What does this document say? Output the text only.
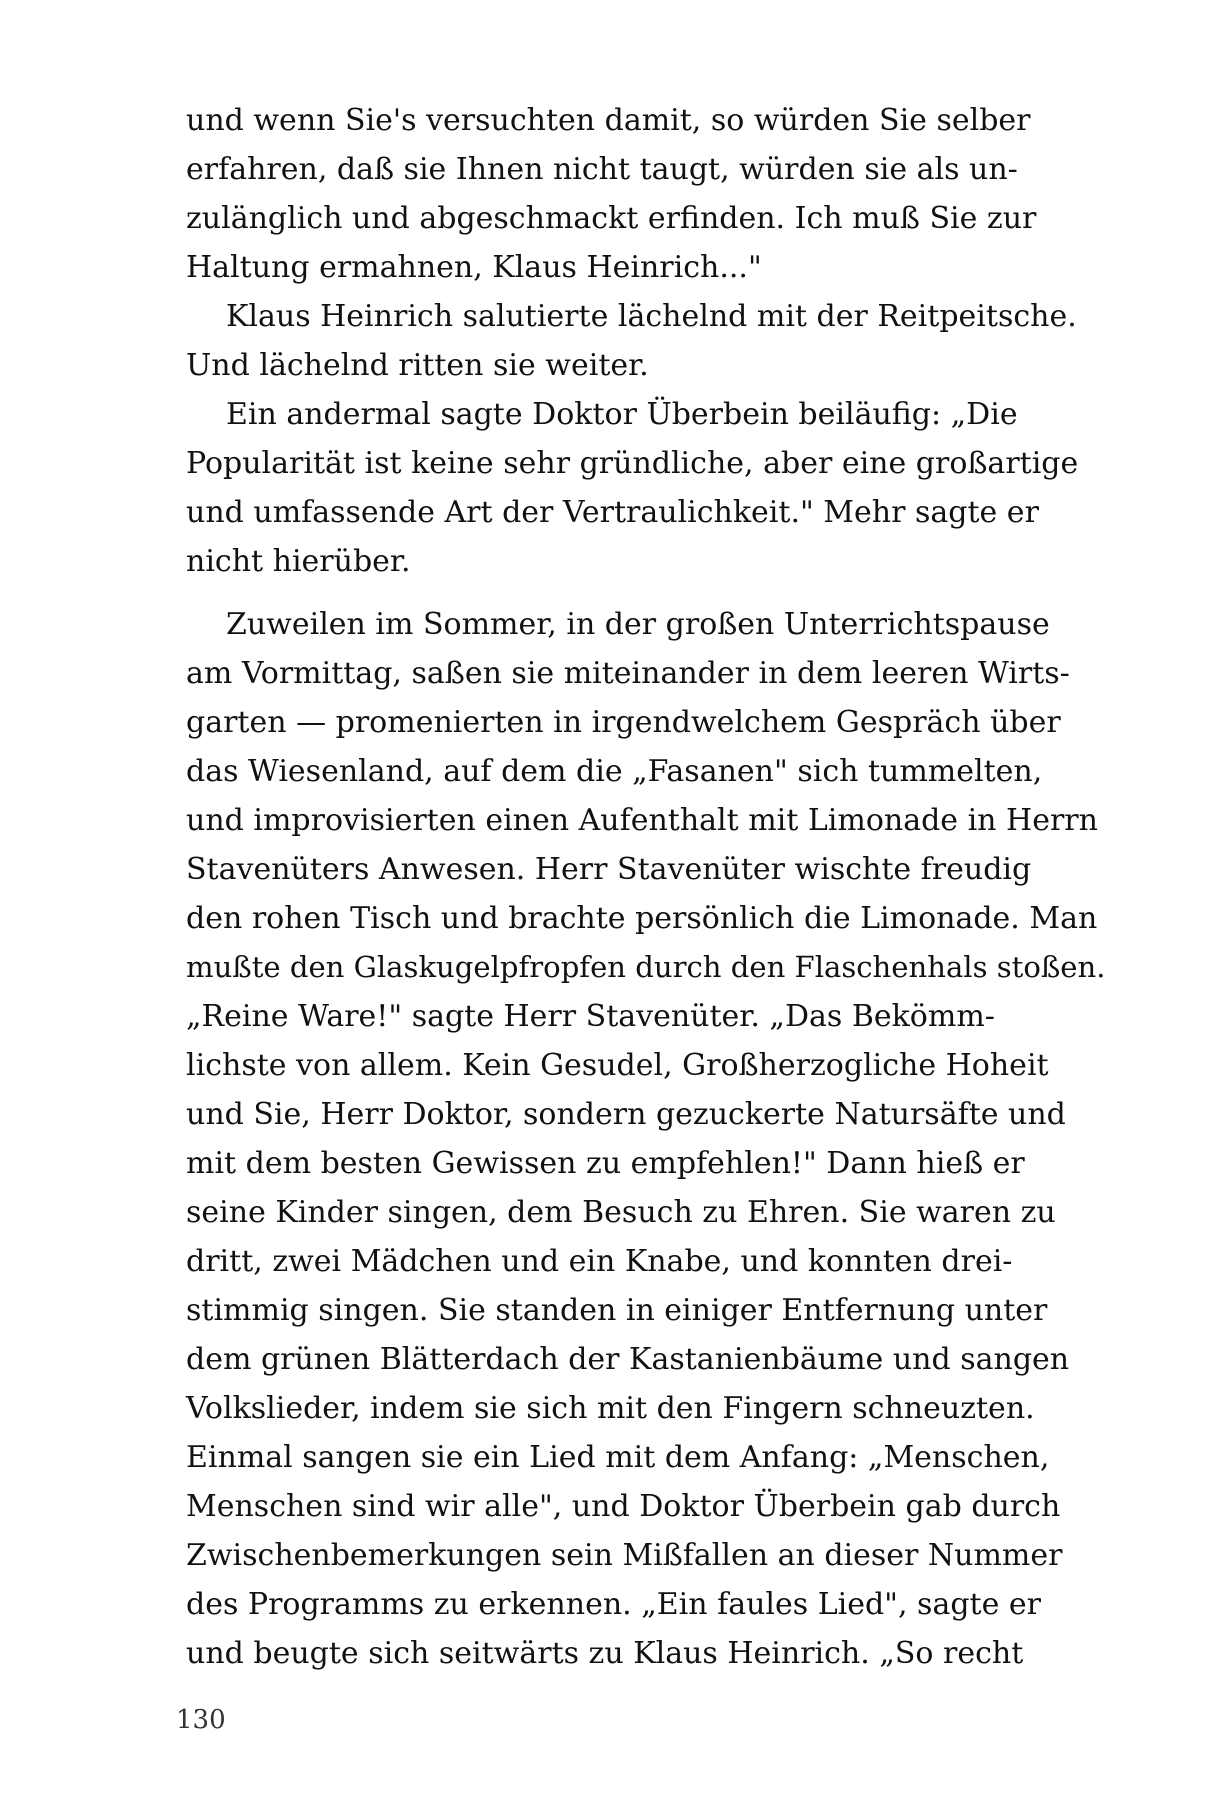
und wenn Sie's versuchten damit, so würden Sie selber
erfahren, daß sie Ihnen nicht taugt, würden sie als un-
zulänglich und abgeschmackt erfinden. Ich muß Sie zur
Haltung ermahnen, Klaus Heinrich..."
Klaus Heinrich salutierte lächelnd mit der Reitpeitsche.
Und lächelnd ritten sie weiter.
Ein andermal sagte Doktor Überbein beiläufig: „Die
Popularität ist keine sehr gründliche, aber eine großartige
und umfassende Art der Vertraulichkeit." Mehr sagte er
nicht hierüber.
Zuweilen im Sommer, in der großen Unterrichtspause
am Vormittag, saßen sie miteinander in dem leeren Wirts-
garten — promenierten in irgendwelchem Gespräch über
das Wiesenland, auf dem die „Fasanen" sich tummelten,
und improvisierten einen Aufenthalt mit Limonade in Herrn
Stavenüters Anwesen. Herr Stavenüter wischte freudig
den rohen Tisch und brachte persönlich die Limonade. Man
mußte den Glaskugelpfropfen durch den Flaschenhals stoßen.
„Reine Ware!" sagte Herr Stavenüter. „Das Bekömm-
lichste von allem. Kein Gesudel, Großherzogliche Hoheit
und Sie, Herr Doktor, sondern gezuckerte Natursäfte und
mit dem besten Gewissen zu empfehlen!" Dann hieß er
seine Kinder singen, dem Besuch zu Ehren. Sie waren zu
dritt, zwei Mädchen und ein Knabe, und konnten drei-
stimmig singen. Sie standen in einiger Entfernung unter
dem grünen Blätterdach der Kastanienbäume und sangen
Volkslieder, indem sie sich mit den Fingern schneuzten.
Einmal sangen sie ein Lied mit dem Anfang: „Menschen,
Menschen sind wir alle", und Doktor Überbein gab durch
Zwischenbemerkungen sein Mißfallen an dieser Nummer
des Programms zu erkennen. „Ein faules Lied", sagte er
und beugte sich seitwärts zu Klaus Heinrich. „So recht
130
